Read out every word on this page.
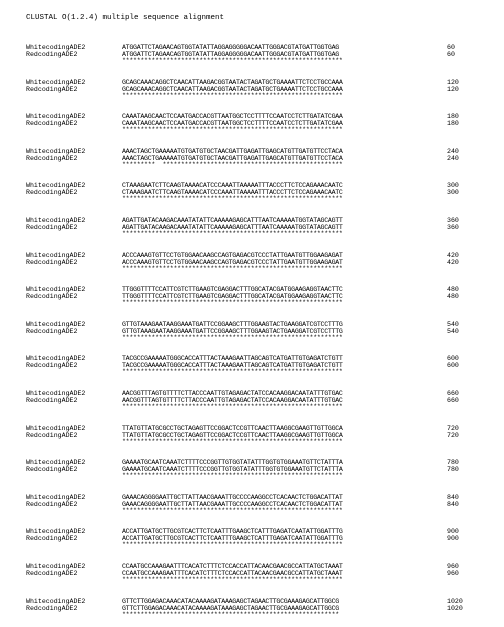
CLUSTAL O(1.2.4) multiple sequence alignment
WhitecodingADE2	ATGGATTCTAGAACAGTGGTATATTAGGAGGGGGACAATTGGGACGTATGATTGGTGAG	60
RedcodingADE2	ATGGATTCTAGAACAGTGGTATATTAGGAGGGGGACAATTGGGACGTATGATTGGTGAG	60
************************************************************
WhitecodingADE2	GCAGCAAACAGGCTCAACATTAAGACGGTAATACTAGATGCTGAAAATTCTCCTGCCAAA	120
RedcodingADE2	GCAGCAAACAGGCTCAACATTAAGACGGTAATACTAGATGCTGAAAATTCTCCTGCCAAA	120
************************************************************
WhitecodingADE2	CAAATAAGCAACTCCAATGACCACGTTAATGGCTCCTTTTCCAATCCTCTTGATATCGAA	180
RedcodingADE2	CAAATAAGCAACTCCAATGACCACGTTAATGGCTCCTTTTCCAATCCTCTTGATATCGAA	180
************************************************************
WhitecodingADE2	AAACTAGCTGAAAAATGTGATGTGCTAACGATTGAGATTGAGCATGTTGATGTTCCTACA	240
RedcodingADE2	AAACTAGCTGAAAAATGTGATGTGCTAACGATTGAGATTGAGCATGTTGATGTTCCTACA	240
*********  *************************************************
WhitecodingADE2	CTAAAGAATCTTCAAGTAAAACATCCCAAATTAAAAATTTACCCTTCTCCAGAAACAATC	300
RedcodingADE2	CTAAAGAATCTTCAAGTAAAACATCCCAAATTAAAAATTTACCCTTCTCCAGAAACAATC	300
************************************************************
WhitecodingADE2	AGATTGATACAAGACAAATATATTCAAAAAGAGCATTTAATCAAAAATGGTATAGCAGTT	360
RedcodingADE2	AGATTGATACAAGACAAATATATTCAAAAAGAGCATTTAATCAAAAATGGTATAGCAGTT	360
************************************************************
WhitecodingADE2	ACCCAAAGTGTTCCTGTGGAACAAGCCAGTGAGACGTCCCTATTGAATGTTGGAAGAGAT	420
RedcodingADE2	ACCCAAAGTGTTCCTGTGGAACAAGCCAGTGAGACGTCCCTATTGAATGTTGGAAGAGAT	420
************************************************************
WhitecodingADE2	TTGGGTTTTCCATTCGTCTTGAAGTCGAGGACTTTGGCATACGATGGAAGAGGTAACTTC	480
RedcodingADE2	TTGGGTTTTCCATTCGTCTTGAAGTCGAGGACTTTGGCATACGATGGAAGAGGTAACTTC	480
************************************************************
WhitecodingADE2	GTTGTAAAGAATAAGGAAATGATTCCGGAAGCTTTGGAAGTACTGAAGGATCGTCCTTTG	540
RedcodingADE2	GTTGTAAAGAATAAGGAAATGATTCCGGAAGCTTTGGAAGTACTGAAGGATCGTCCTTTG	540
************************************************************
WhitecodingADE2	TACGCCGAAAAATGGGCACCATTTACTAAAGAATTAGCAGTCATGATTGTGAGATCTGTT	600
RedcodingADE2	TACGCCGAAAAATGGGCACCATTTACTAAAGAATTAGCAGTCATGATTGTGAGATCTGTT	600
************************************************************
WhitecodingADE2	AACGGTTTAGTGTTTTCTTACCCAATTGTAGAGACTATCCACAAGGACAATATTTGTGAC	660
RedcodingADE2	AACGGTTTAGTGTTTTCTTACCCAATTGTAGAGACTATCCACAAGGACAATATTTGTGAC	660
************************************************************
WhitecodingADE2	TTATGTTATGCGCCTGCTAGAGTTCCGGACTCCGTTCAACTTAAGGCGAAGTTGTTGGCA	720
RedcodingADE2	TTATGTTATGCGCCTGCTAGAGTTCCGGACTCCGTTCAACTTAAGGCGAAGTTGTTGGCA	720
************************************************************
WhitecodingADE2	GAAAATGCAATCAAATCTTTTCCCGGTTGTGGTATATTTGGTGTGGAAATGTTCTATTTA	780
RedcodingADE2	GAAAATGCAATCAAATCTTTTCCCGGTTGTGGTATATTTGGTGTGGAAATGTTCTATTTA	780
************************************************************
WhitecodingADE2	GAAACAGGGGAATTGCTTATTAACGAAATTGCCCCAAGGCCTCACAACTCTGGACATTAT	840
RedcodingADE2	GAAACAGGGGAATTGCTTATTAACGAAATTGCCCCAAGGCCTCACAACTCTGGACATTAT	840
************************************************************
WhitecodingADE2	ACCATTGATGCTTGCGTCACTTCTCAATTTGAAGCTCATTTGAGATCAATATTGGATTTG	900
RedcodingADE2	ACCATTGATGCTTGCGTCACTTCTCAATTTGAAGCTCATTTGAGATCAATATTGGATTTG	900
************************************************************
WhitecodingADE2	CCAATGCCAAAGAATTTCACATCTTTCTCCACCATTACAACGAACGCCATTATGCTAAAT	960
RedcodingADE2	CCAATGCCAAAGAATTTCACATCTTTCTCCACCATTACAACGAACGCCATTATGCTAAAT	960
************************************************************
WhitecodingADE2	GTTCTTGGAGACAAACATACAAAAGATAAAGAGCTAGAACTTGCGAAAGAGCATTGGCG	1020
RedcodingADE2	GTTCTTGGAGACAAACATACAAAAGATAAAGAGCTAGAACTTGCGAAAGAGCATTGGCG	1020
***********************************************************
